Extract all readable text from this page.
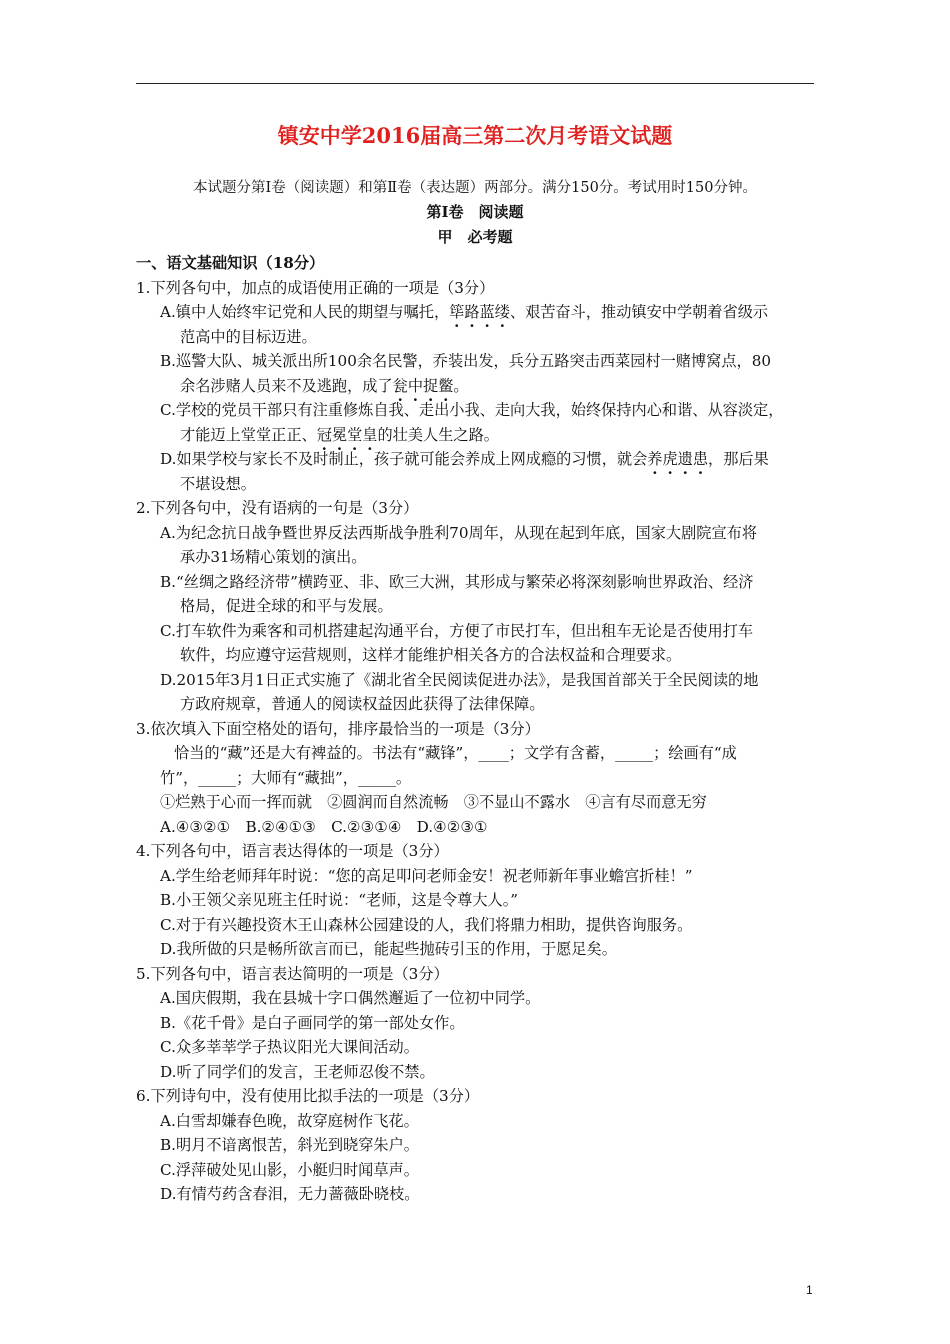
镇安中学2016届高三第二次月考语文试题
本试题分第Ⅰ卷（阅读题）和第Ⅱ卷（表达题）两部分。满分150分。考试用时150分钟。
第Ⅰ卷　阅读题
甲　必考题
一、语文基础知识（18分）
1.下列各句中，加点的成语使用正确的一项是（3分）
A.镇中人始终牢记党和人民的期望与嘱托，筚路蓝缕、艰苦奋斗，推动镇安中学朝着省级示
范高中的目标迈进。
B.巡警大队、城关派出所100余名民警，乔装出发，兵分五路突击西菜园村一赌博窝点，80
余名涉赌人员来不及逃跑，成了瓮中捉鳖。
C.学校的党员干部只有注重修炼自我、走出小我、走向大我，始终保持内心和谐、从容淡定，
才能迈上堂堂正正、冠冕堂皇的壮美人生之路。
D.如果学校与家长不及时制止，孩子就可能会养成上网成瘾的习惯，就会养虎遗患，那后果
不堪设想。
2.下列各句中，没有语病的一句是（3分）
A.为纪念抗日战争暨世界反法西斯战争胜利70周年，从现在起到年底，国家大剧院宣布将
承办31场精心策划的演出。
B.“丝绸之路经济带”横跨亚、非、欧三大洲，其形成与繁荣必将深刻影响世界政治、经济
格局，促进全球的和平与发展。
C.打车软件为乘客和司机搭建起沟通平台，方便了市民打车，但出租车无论是否使用打车
软件，均应遵守运营规则，这样才能维护相关各方的合法权益和合理要求。
D.2015年3月1日正式实施了《湖北省全民阅读促进办法》，是我国首部关于全民阅读的地
方政府规章，普通人的阅读权益因此获得了法律保障。
3.依次填入下面空格处的语句，排序最恰当的一项是（3分）
恰当的“藏”还是大有裨益的。书法有“藏锋”，____；文学有含蓄，_____；绘画有“成
竹”，_____；大师有“藏拙”，_____。
①烂熟于心而一挥而就　②圆润而自然流畅　③不显山不露水　④言有尽而意无穷
A.④③②①　B.②④①③　C.②③①④　D.④②③①
4.下列各句中，语言表达得体的一项是（3分）
A.学生给老师拜年时说：“您的高足叩问老师金安！祝老师新年事业蟾宫折桂！”
B.小王领父亲见班主任时说：“老师，这是令尊大人。”
C.对于有兴趣投资木王山森林公园建设的人，我们将鼎力相助，提供咨询服务。
D.我所做的只是畅所欲言而已，能起些抛砖引玉的作用，于愿足矣。
5.下列各句中，语言表达简明的一项是（3分）
A.国庆假期，我在县城十字口偶然邂逅了一位初中同学。
B.《花千骨》是白子画同学的第一部处女作。
C.众多莘莘学子热议阳光大课间活动。
D.听了同学们的发言，王老师忍俊不禁。
6.下列诗句中，没有使用比拟手法的一项是（3分）
A.白雪却嫌春色晚，故穿庭树作飞花。
B.明月不谙离恨苦，斜光到晓穿朱户。
C.浮萍破处见山影，小艇归时闻草声。
D.有情芍药含春泪，无力蔷薇卧晓枝。
1
